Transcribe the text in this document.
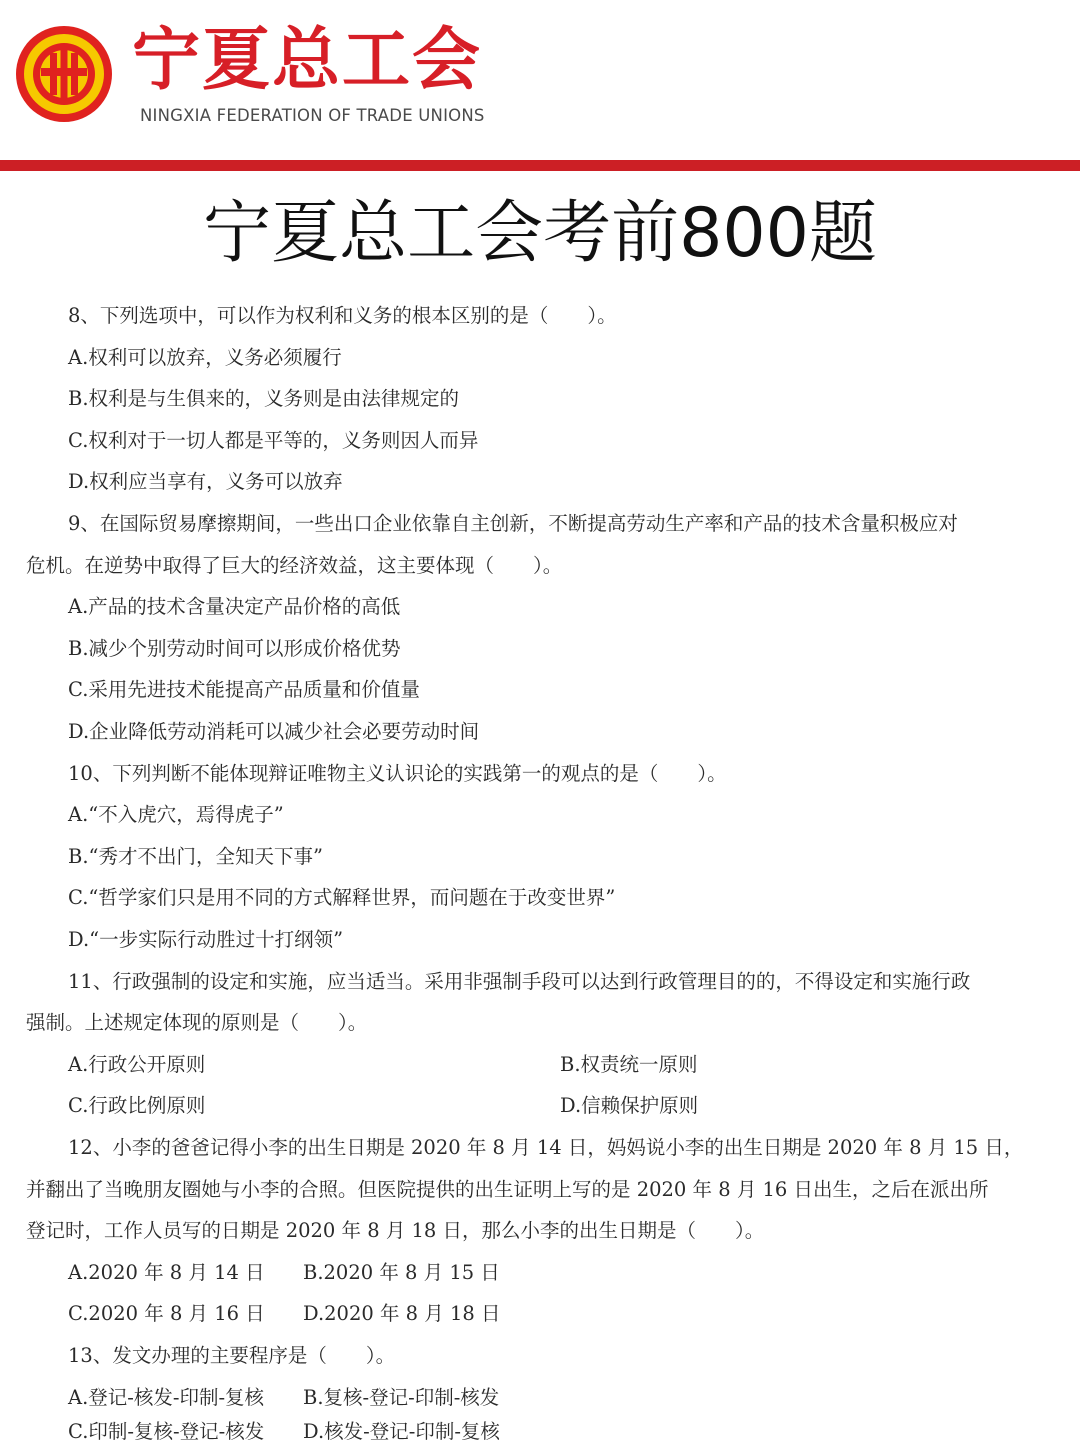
宁夏总工会
NINGXIA FEDERATION OF TRADE UNIONS
宁夏总工会考前800题
8、下列选项中，可以作为权利和义务的根本区别的是（　　）。
A.权利可以放弃，义务必须履行
B.权利是与生俱来的，义务则是由法律规定的
C.权利对于一切人都是平等的，义务则因人而异
D.权利应当享有，义务可以放弃
9、在国际贸易摩擦期间，一些出口企业依靠自主创新，不断提高劳动生产率和产品的技术含量积极应对
危机。在逆势中取得了巨大的经济效益，这主要体现（　　）。
A.产品的技术含量决定产品价格的高低
B.减少个别劳动时间可以形成价格优势
C.采用先进技术能提高产品质量和价值量
D.企业降低劳动消耗可以减少社会必要劳动时间
10、下列判断不能体现辩证唯物主义认识论的实践第一的观点的是（　　）。
A.“不入虎穴，焉得虎子”
B.“秀才不出门，全知天下事”
C.“哲学家们只是用不同的方式解释世界，而问题在于改变世界”
D.“一步实际行动胜过十打纲领”
11、行政强制的设定和实施，应当适当。采用非强制手段可以达到行政管理目的的，不得设定和实施行政
强制。上述规定体现的原则是（　　）。
A.行政公开原则	B.权责统一原则
C.行政比例原则	D.信赖保护原则
12、小李的爸爸记得小李的出生日期是 2020 年 8 月 14 日，妈妈说小李的出生日期是 2020 年 8 月 15 日，
并翻出了当晚朋友圈她与小李的合照。但医院提供的出生证明上写的是 2020 年 8 月 16 日出生，之后在派出所
登记时，工作人员写的日期是 2020 年 8 月 18 日，那么小李的出生日期是（　　）。
A.2020 年 8 月 14 日 B.2020 年 8 月 15 日
C.2020 年 8 月 16 日 D.2020 年 8 月 18 日
13、发文办理的主要程序是（　　）。
A.登记-核发-印制-复核 B.复核-登记-印制-核发
C.印制-复核-登记-核发 D.核发-登记-印制-复核
